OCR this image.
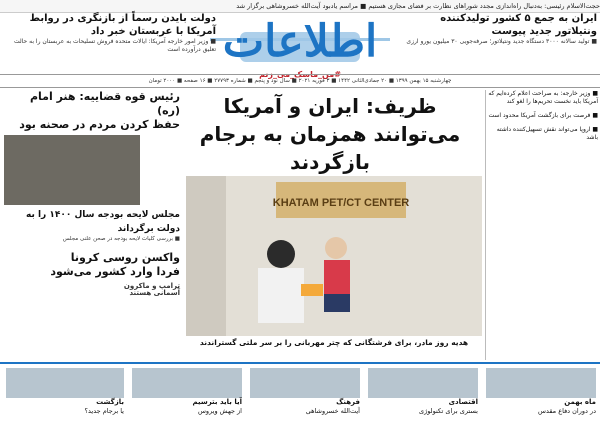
حجت‌الاسلام رئیسی: به‌دنبال راه‌اندازی مجدد شوراهای نظارت بر فضای مجازی هستیم ■ مراسم یادبود آیت‌الله خسروشاهی برگزار شد
ایران به جمع ۵ کشور تولیدکننده
ونتیلاتور جدید پیوست
■ تولید سالانه ۳۰۰۰ دستگاه جدید ونتیلاتور؛ صرفه‌جویی ۳۰ میلیون یورو ارزی
اطلاعات
#من_ماسک_می_زنم
دولت بایدن رسماً از بازنگری در روابط
آمریکا با عربستان خبر داد
■ وزیر امور خارجه آمریکا: ایالات متحده فروش تسلیحات به عربستان را به حالت تعلیق درآورده است
چهارشنبه ۱۵ بهمن ۱۳۹۹ ■ ۲۰ جمادی‌الثانی ۱۴۴۲ ■ ۳ فوریه ۲۰۲۱ ■ سال نود و پنجم ■ شماره ۲۷۷۹۳ ■ ۱۶ صفحه ■ ۲۰۰۰ تومان
■ وزیر خارجه: به صراحت اعلام کرده‌ایم که آمریکا باید نخست تحریم‌ها را لغو کند
■ فرصت برای بازگشت آمریکا محدود است
■ اروپا می‌تواند نقش تسهیل‌کننده داشته باشد
ظریف: ایران و آمریکا
می‌توانند همزمان به برجام بازگردند
KHATAM PET/CT CENTER
هدیه روز مادر، برای فرشتگانی که چتر مهربانی را بر سر ملتی گستراندند
رئیس قوه قضاییه: هنر امام (ره)
حفظ کردن مردم در صحنه بود
مجلس لایحه بودجه سال ۱۴۰۰ را به دولت برگرداند
■ بررسی کلیات لایحه بودجه در صحن علنی مجلس
واکسن روسی کرونا
فردا وارد کشور می‌شود
ترامپ و ماکرون
آسمانی هستند
ماه بهمن
در دوران دفاع مقدس
اقتصادی
بستری برای تکنولوژی
فرهنگ
آیت‌الله خسروشاهی
آیا باید بترسیم
از جهش ویروس
بازگشت
یا برجام جدید؟
